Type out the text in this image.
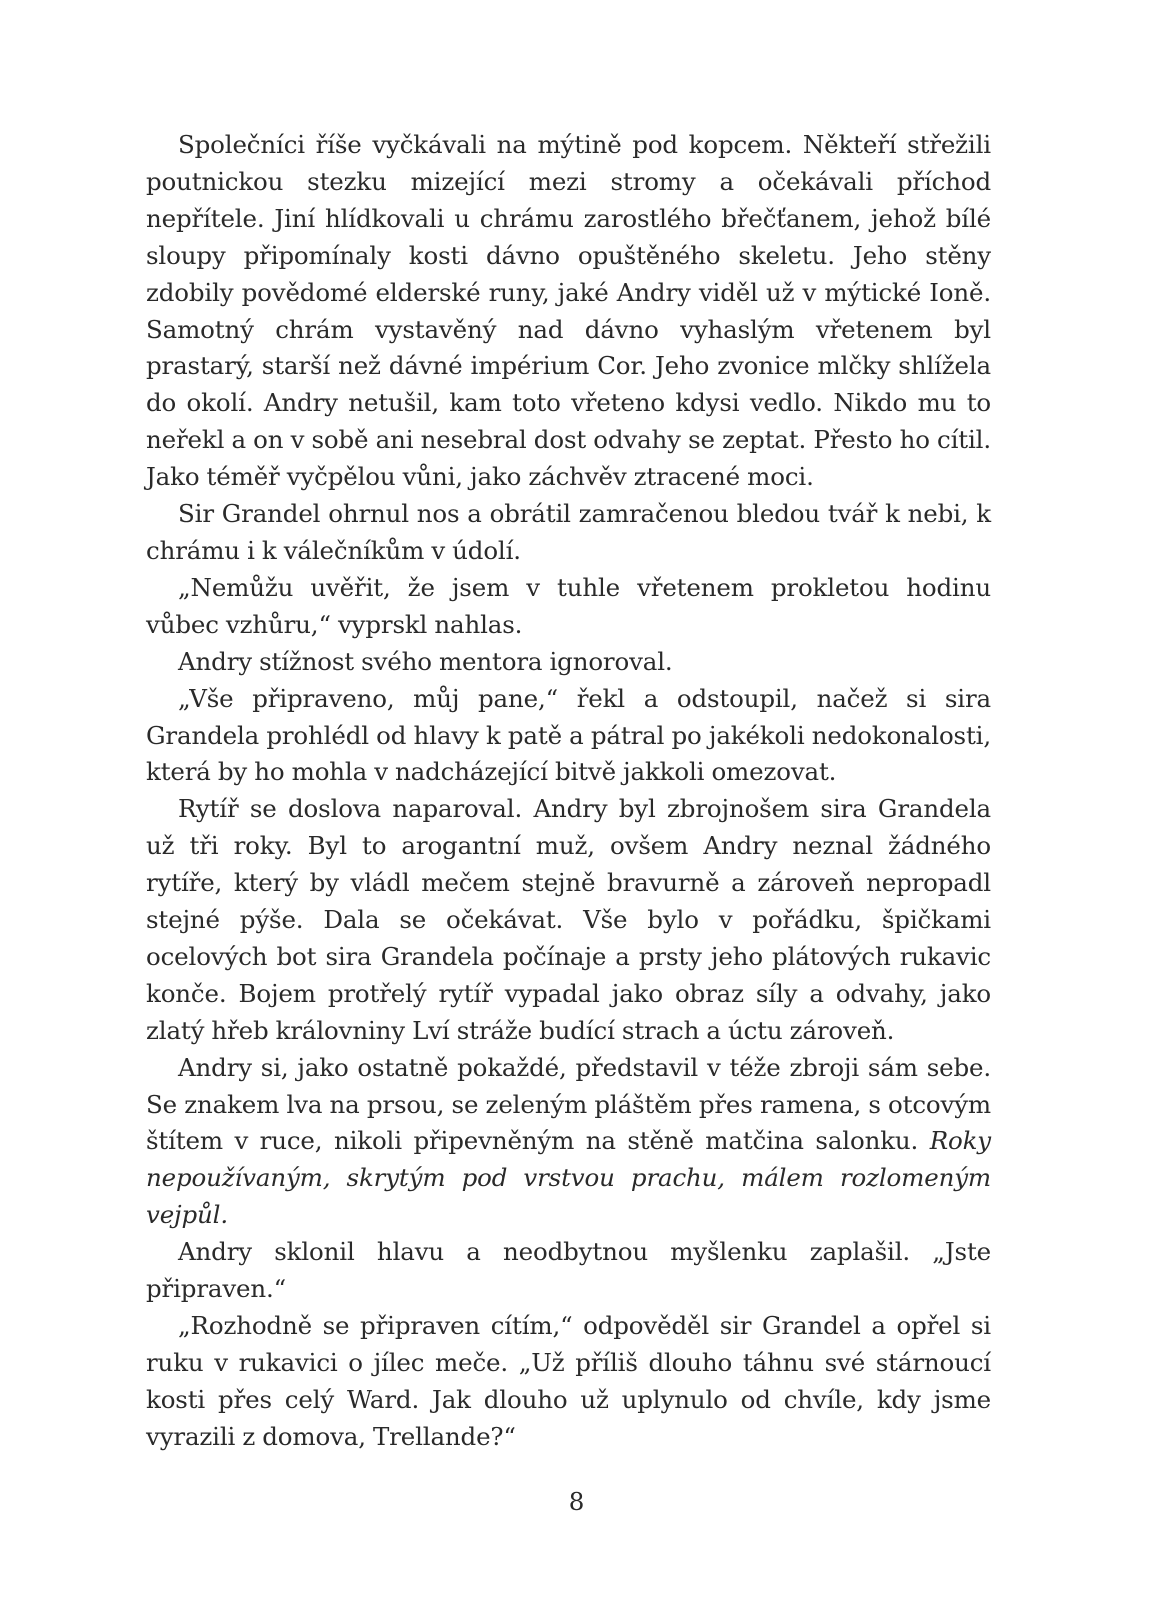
Společníci říše vyčkávali na mýtině pod kopcem. Někteří střežili poutnickou stezku mizející mezi stromy a očekávali příchod nepřítele. Jiní hlídkovali u chrámu zarostlého břečťanem, jehož bílé sloupy připomínaly kosti dávno opuštěného skeletu. Jeho stěny zdobily povědomé elderské runy, jaké Andry viděl už v mýtické Ioně. Samotný chrám vystavěný nad dávno vyhaslým vřetenem byl prastarý, starší než dávné impérium Cor. Jeho zvonice mlčky shlížela do okolí. Andry netušil, kam toto vřeteno kdysi vedlo. Nikdo mu to neřekl a on v sobě ani nesebral dost odvahy se zeptat. Přesto ho cítil. Jako téměř vyčpělou vůni, jako záchvěv ztracené moci.

Sir Grandel ohrnul nos a obrátil zamračenou bledou tvář k nebi, k chrámu i k válečníkům v údolí.

„Nemůžu uvěřit, že jsem v tuhle vřetenem prokletou hodinu vůbec vzhůru,“ vyprskl nahlas.

Andry stížnost svého mentora ignoroval.

„Vše připraveno, můj pane,“ řekl a odstoupil, načež si sira Grandela prohlédl od hlavy k patě a pátral po jakékoli nedokonalosti, která by ho mohla v nadcházející bitvě jakkoli omezovat.

Rytíř se doslova naparoval. Andry byl zbrojnošem sira Grandela už tři roky. Byl to arogantní muž, ovšem Andry neznal žádného rytíře, který by vládl mečem stejně bravurně a zároveň nepropadl stejné pýše. Dala se očekávat. Vše bylo v pořádku, špičkami ocelových bot sira Grandela počínaje a prsty jeho plátových rukavic konče. Bojem protřelý rytíř vypadal jako obraz síly a odvahy, jako zlatý hřeb královniny Lví stráže budící strach a úctu zároveň.

Andry si, jako ostatně pokaždé, představil v téže zbroji sám sebe. Se znakem lva na prsou, se zeleným pláštěm přes ramena, s otcovým štítem v ruce, nikoli připevněným na stěně matčina salonku. Roky nepoužívaným, skrytým pod vrstvou prachu, málem rozlomeným vejpůl.

Andry sklonil hlavu a neodbytnou myšlenku zaplašil. „Jste připraven.“

„Rozhodně se připraven cítím,“ odpověděl sir Grandel a opřel si ruku v rukavici o jílec meče. „Už příliš dlouho táhnu své stárnoucí kosti přes celý Ward. Jak dlouho už uplynulo od chvíle, kdy jsme vyrazili z domova, Trellande?“

8
